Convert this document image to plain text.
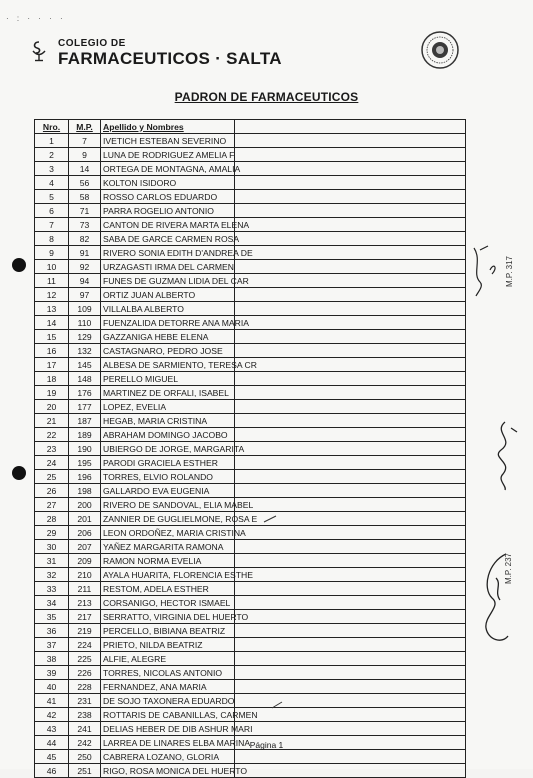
· : · · · ·
COLEGIO DE
FARMACEUTICOS · SALTA
PADRON DE FARMACEUTICOS
Nro.	M.P.	Apellido y Nombres	
1	7	IVETICH ESTEBAN SEVERINO	
2	9	LUNA DE RODRIGUEZ AMELIA F.	
3	14	ORTEGA DE MONTAGNA, AMALIA	
4	56	KOLTON ISIDORO	
5	58	ROSSO CARLOS EDUARDO	
6	71	PARRA ROGELIO ANTONIO	
7	73	CANTON DE RIVERA MARTA ELENA	
8	82	SABA DE GARCE CARMEN ROSA	
9	91	RIVERO SONIA EDITH D'ANDREA DE	
10	92	URZAGASTI IRMA DEL CARMEN	
11	94	FUNES DE GUZMAN LIDIA DEL CAR	
12	97	ORTIZ JUAN ALBERTO	
13	109	VILLALBA ALBERTO	
14	110	FUENZALIDA DETORRE ANA MARIA	
15	129	GAZZANIGA HEBE ELENA	
16	132	CASTAGNARO, PEDRO JOSE	
17	145	ALBESA DE SARMIENTO, TERESA CR	
18	148	PERELLO MIGUEL	
19	176	MARTINEZ DE ORFALI, ISABEL	
20	177	LOPEZ, EVELIA	
21	187	HEGAB, MARIA CRISTINA	
22	189	ABRAHAM DOMINGO JACOBO	
23	190	UBIERGO DE JORGE, MARGARITA	
24	195	PARODI GRACIELA ESTHER	
25	196	TORRES, ELVIO ROLANDO	
26	198	GALLARDO EVA EUGENIA	
27	200	RIVERO DE SANDOVAL, ELIA MABEL	
28	201	ZANNIER DE GUGLIELMONE, ROSA E	
29	206	LEON ORDOÑEZ, MARIA CRISTINA	
30	207	YAÑEZ MARGARITA RAMONA	
31	209	RAMON NORMA EVELIA	
32	210	AYALA HUARITA, FLORENCIA ESTHE	
33	211	RESTOM, ADELA ESTHER	
34	213	CORSANIGO, HECTOR ISMAEL	
35	217	SERRATTO, VIRGINIA DEL HUERTO	
36	219	PERCELLO, BIBIANA BEATRIZ	
37	224	PRIETO, NILDA BEATRIZ	
38	225	ALFIE, ALEGRE	
39	226	TORRES, NICOLAS ANTONIO	
40	228	FERNANDEZ, ANA MARIA	
41	231	DE SOJO TAXONERA EDUARDO	
42	238	ROTTARIS DE CABANILLAS, CARMEN	
43	241	DELIAS HEBER DE DIB ASHUR MARI	
44	242	LARREA DE LINARES ELBA MARINA	
45	250	CABRERA LOZANO, GLORIA	
46	251	RIGO, ROSA MONICA DEL HUERTO	
M.P. 317
M.P. 237
Página 1
